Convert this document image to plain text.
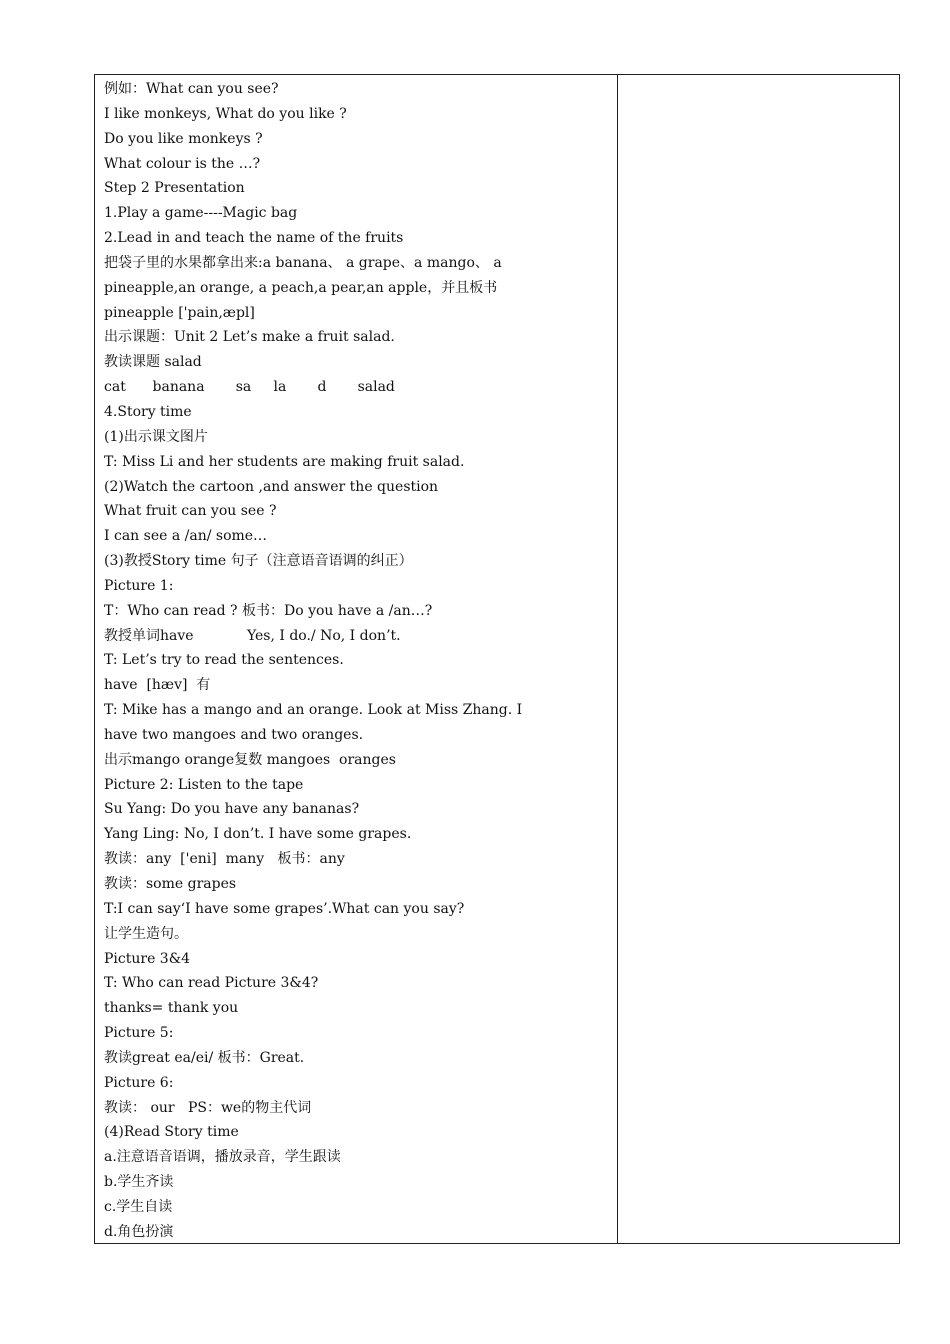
例如：What can you see?
I like monkeys, What do you like ?
Do you like monkeys ?
What colour is the …?
Step 2 Presentation
1.Play a game----Magic bag
2.Lead in and teach the name of the fruits
把袋子里的水果都拿出来:a banana、 a grape、a mango、 a
pineapple,an orange, a peach,a pear,an apple，并且板书
pineapple ['pain,æpl]
出示课题：Unit 2 Let’s make a fruit salad.
教读课题 salad
cat      banana       sa     la       d       salad
4.Story time
(1)出示课文图片
T: Miss Li and her students are making fruit salad.
(2)Watch the cartoon ,and answer the question
What fruit can you see ?
I can see a /an/ some…
(3)教授Story time 句子（注意语音语调的纠正）
Picture 1:
T：Who can read ? 板书：Do you have a /an…?
教授单词have            Yes, I do./ No, I don’t.
T: Let’s try to read the sentences.
have  [hæv]  有
T: Mike has a mango and an orange. Look at Miss Zhang. I
have two mangoes and two oranges.
出示mango orange复数 mangoes  oranges
Picture 2: Listen to the tape
Su Yang: Do you have any bananas?
Yang Ling: No, I don’t. I have some grapes.
教读：any  ['eni]  many   板书：any
教读：some grapes
T:I can say‘I have some grapes’.What can you say?
让学生造句。
Picture 3&4
T: Who can read Picture 3&4?
thanks= thank you
Picture 5:
教读great ea/ei/ 板书：Great.
Picture 6:
教读： our   PS：we的物主代词
(4)Read Story time
a.注意语音语调，播放录音，学生跟读
b.学生齐读
c.学生自读
d.角色扮演
